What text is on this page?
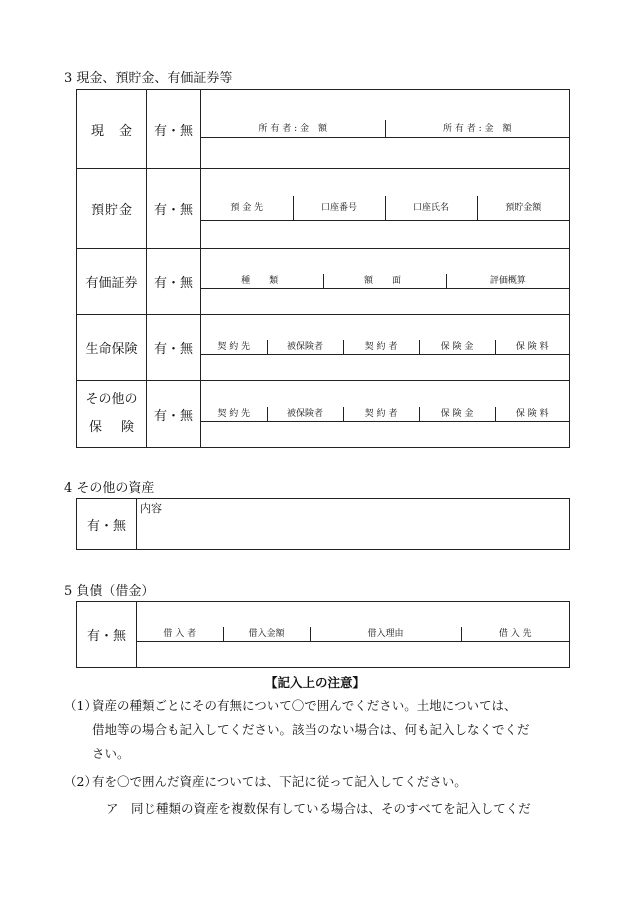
3 現金、預貯金、有価証券等
現　金	有・無		所 有 者 : 金　額	所 有 者 : 金　額

預貯金	有・無		預 金 先	口座番号	口座氏名	預貯金額

有価証券	有・無		種　類	額　面	評価概算

生命保険	有・無		契 約 先	被保険者	契 約 者	保 険 金	保 険 料

その他の
保　険
	有・無		契 約 先	被保険者	契 約 者	保 険 金	保 険 料

4 その他の資産
有・無	内容
5 負債（借金）
有・無		借 入 者	借入金額	借入理由	借 入 先

【記入上の注意】
（1）
資産の種類ごとにその有無について〇で囲んでください。土地については、
借地等の場合も記入してください。該当のない場合は、何も記入しなくでくだ
さい。
（2）
有を〇で囲んだ資産については、下記に従って記入してください。
ア　同じ種類の資産を複数保有している場合は、そのすべてを記入してくだ
